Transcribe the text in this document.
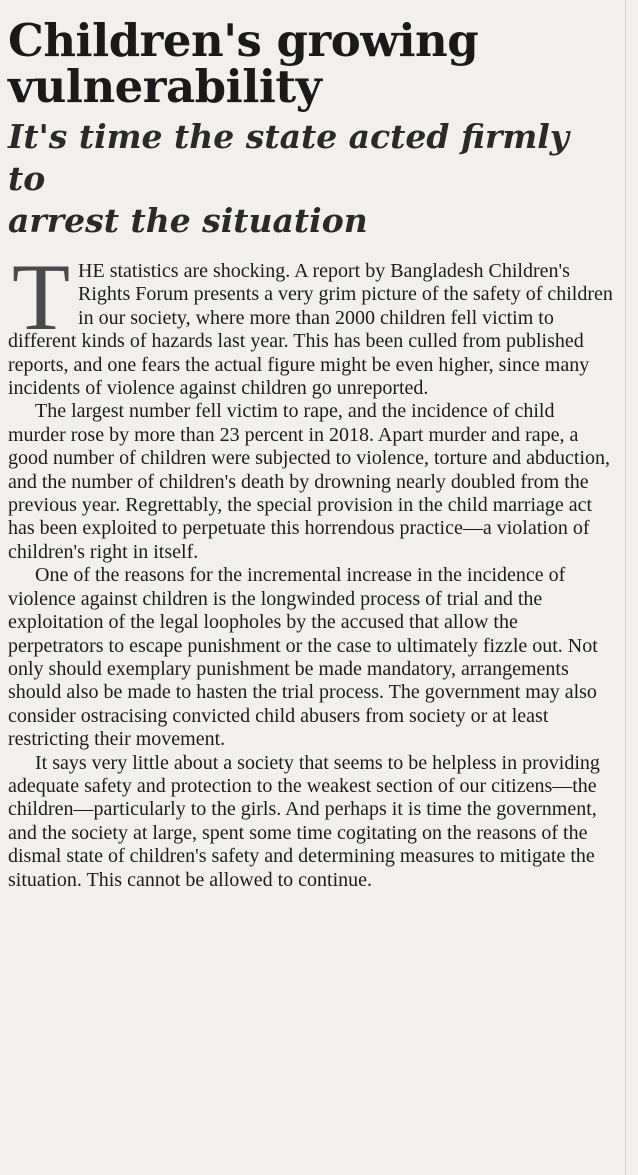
Children's growing
vulnerability
It's time the state acted firmly to
arrest the situation

THE statistics are shocking. A report by Bangladesh Children's Rights Forum presents a very grim picture of the safety of children in our society, where more than 2000 children fell victim to different kinds of hazards last year. This has been culled from published reports, and one fears the actual figure might be even higher, since many incidents of violence against children go unreported.

The largest number fell victim to rape, and the incidence of child murder rose by more than 23 percent in 2018. Apart murder and rape, a good number of children were subjected to violence, torture and abduction, and the number of children's death by drowning nearly doubled from the previous year. Regrettably, the special provision in the child marriage act has been exploited to perpetuate this horrendous practice—a violation of children's right in itself.

One of the reasons for the incremental increase in the incidence of violence against children is the longwinded process of trial and the exploitation of the legal loopholes by the accused that allow the perpetrators to escape punishment or the case to ultimately fizzle out. Not only should exemplary punishment be made mandatory, arrangements should also be made to hasten the trial process. The government may also consider ostracising convicted child abusers from society or at least restricting their movement.

It says very little about a society that seems to be helpless in providing adequate safety and protection to the weakest section of our citizens—the children—particularly to the girls. And perhaps it is time the government, and the society at large, spent some time cogitating on the reasons of the dismal state of children's safety and determining measures to mitigate the situation. This cannot be allowed to continue.
